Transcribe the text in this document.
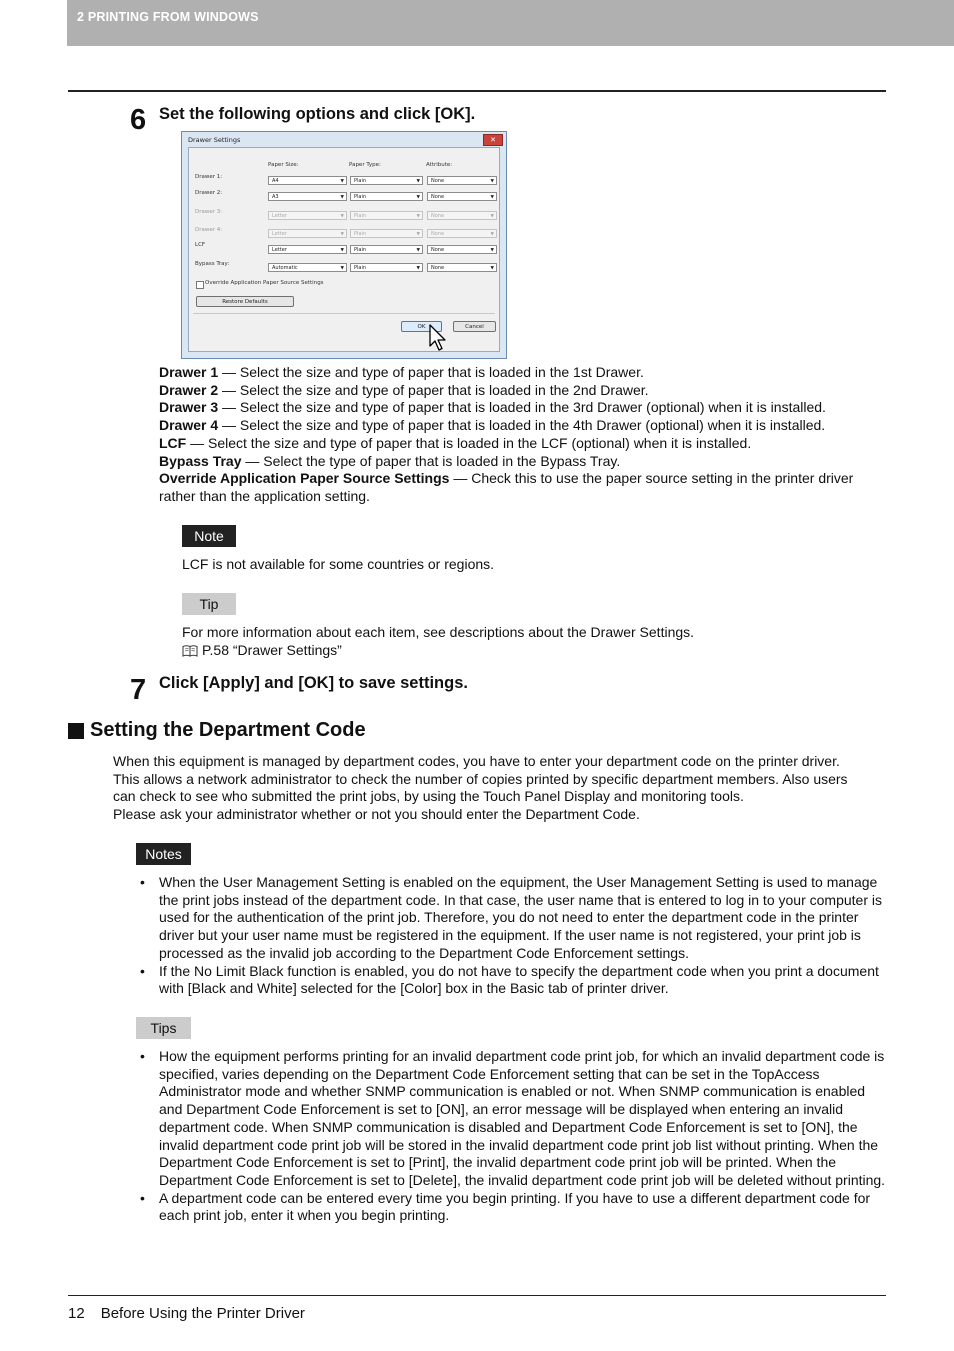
2 PRINTING FROM WINDOWS
6 Set the following options and click [OK].
Drawer Settings	✕
Paper Size:	Paper Type:	Attribute:
Drawer 1:
A4	▼	Plain	▼	None	▼
Drawer 2:
A3	▼	Plain	▼	None	▼
Drawer 3:
Letter	▼	Plain	▼	None	▼
Drawer 4:
Letter	▼	Plain	▼	None	▼
LCF
Letter	▼	Plain	▼	None	▼
Bypass Tray:
Automatic	▼	Plain	▼	None	▼
Override Application Paper Source Settings
Restore Defaults
OK	Cancel

Drawer 1 — Select the size and type of paper that is loaded in the 1st Drawer.

Drawer 2 — Select the size and type of paper that is loaded in the 2nd Drawer.

Drawer 3 — Select the size and type of paper that is loaded in the 3rd Drawer (optional) when it is installed.

Drawer 4 — Select the size and type of paper that is loaded in the 4th Drawer (optional) when it is installed.

LCF — Select the size and type of paper that is loaded in the LCF (optional) when it is installed.

Bypass Tray — Select the type of paper that is loaded in the Bypass Tray.

Override Application Paper Source Settings — Check this to use the paper source setting in the printer driver rather than the application setting.

Note
LCF is not available for some countries or regions.
Tip

For more information about each item, see descriptions about the Drawer Settings.

P.58 “Drawer Settings”

7 Click [Apply] and [OK] to save settings.
Setting the Department Code

When this equipment is managed by department codes, you have to enter your department code on the printer driver.

This allows a network administrator to check the number of copies printed by specific department members. Also users

can check to see who submitted the print jobs, by using the Touch Panel Display and monitoring tools.

Please ask your administrator whether or not you should enter the Department Code.

Notes
• When the User Management Setting is enabled on the equipment, the User Management Setting is used to manage the print jobs instead of the department code. In that case, the user name that is entered to log in to your computer is used for the authentication of the print job. Therefore, you do not need to enter the department code in the printer driver but your user name must be registered in the equipment. If the user name is not registered, your print job is processed as the invalid job according to the Department Code Enforcement settings.
• If the No Limit Black function is enabled, you do not have to specify the department code when you print a document with [Black and White] selected for the [Color] box in the Basic tab of printer driver.
Tips
• How the equipment performs printing for an invalid department code print job, for which an invalid department code is specified, varies depending on the Department Code Enforcement setting that can be set in the TopAccess Administrator mode and whether SNMP communication is enabled or not. When SNMP communication is enabled and Department Code Enforcement is set to [ON], an error message will be displayed when entering an invalid department code. When SNMP communication is disabled and Department Code Enforcement is set to [ON], the invalid department code print job will be stored in the invalid department code print job list without printing. When the Department Code Enforcement is set to [Print], the invalid department code print job will be printed. When the Department Code Enforcement is set to [Delete], the invalid department code print job will be deleted without printing.
• A department code can be entered every time you begin printing. If you have to use a different department code for each print job, enter it when you begin printing.
12 Before Using the Printer Driver
